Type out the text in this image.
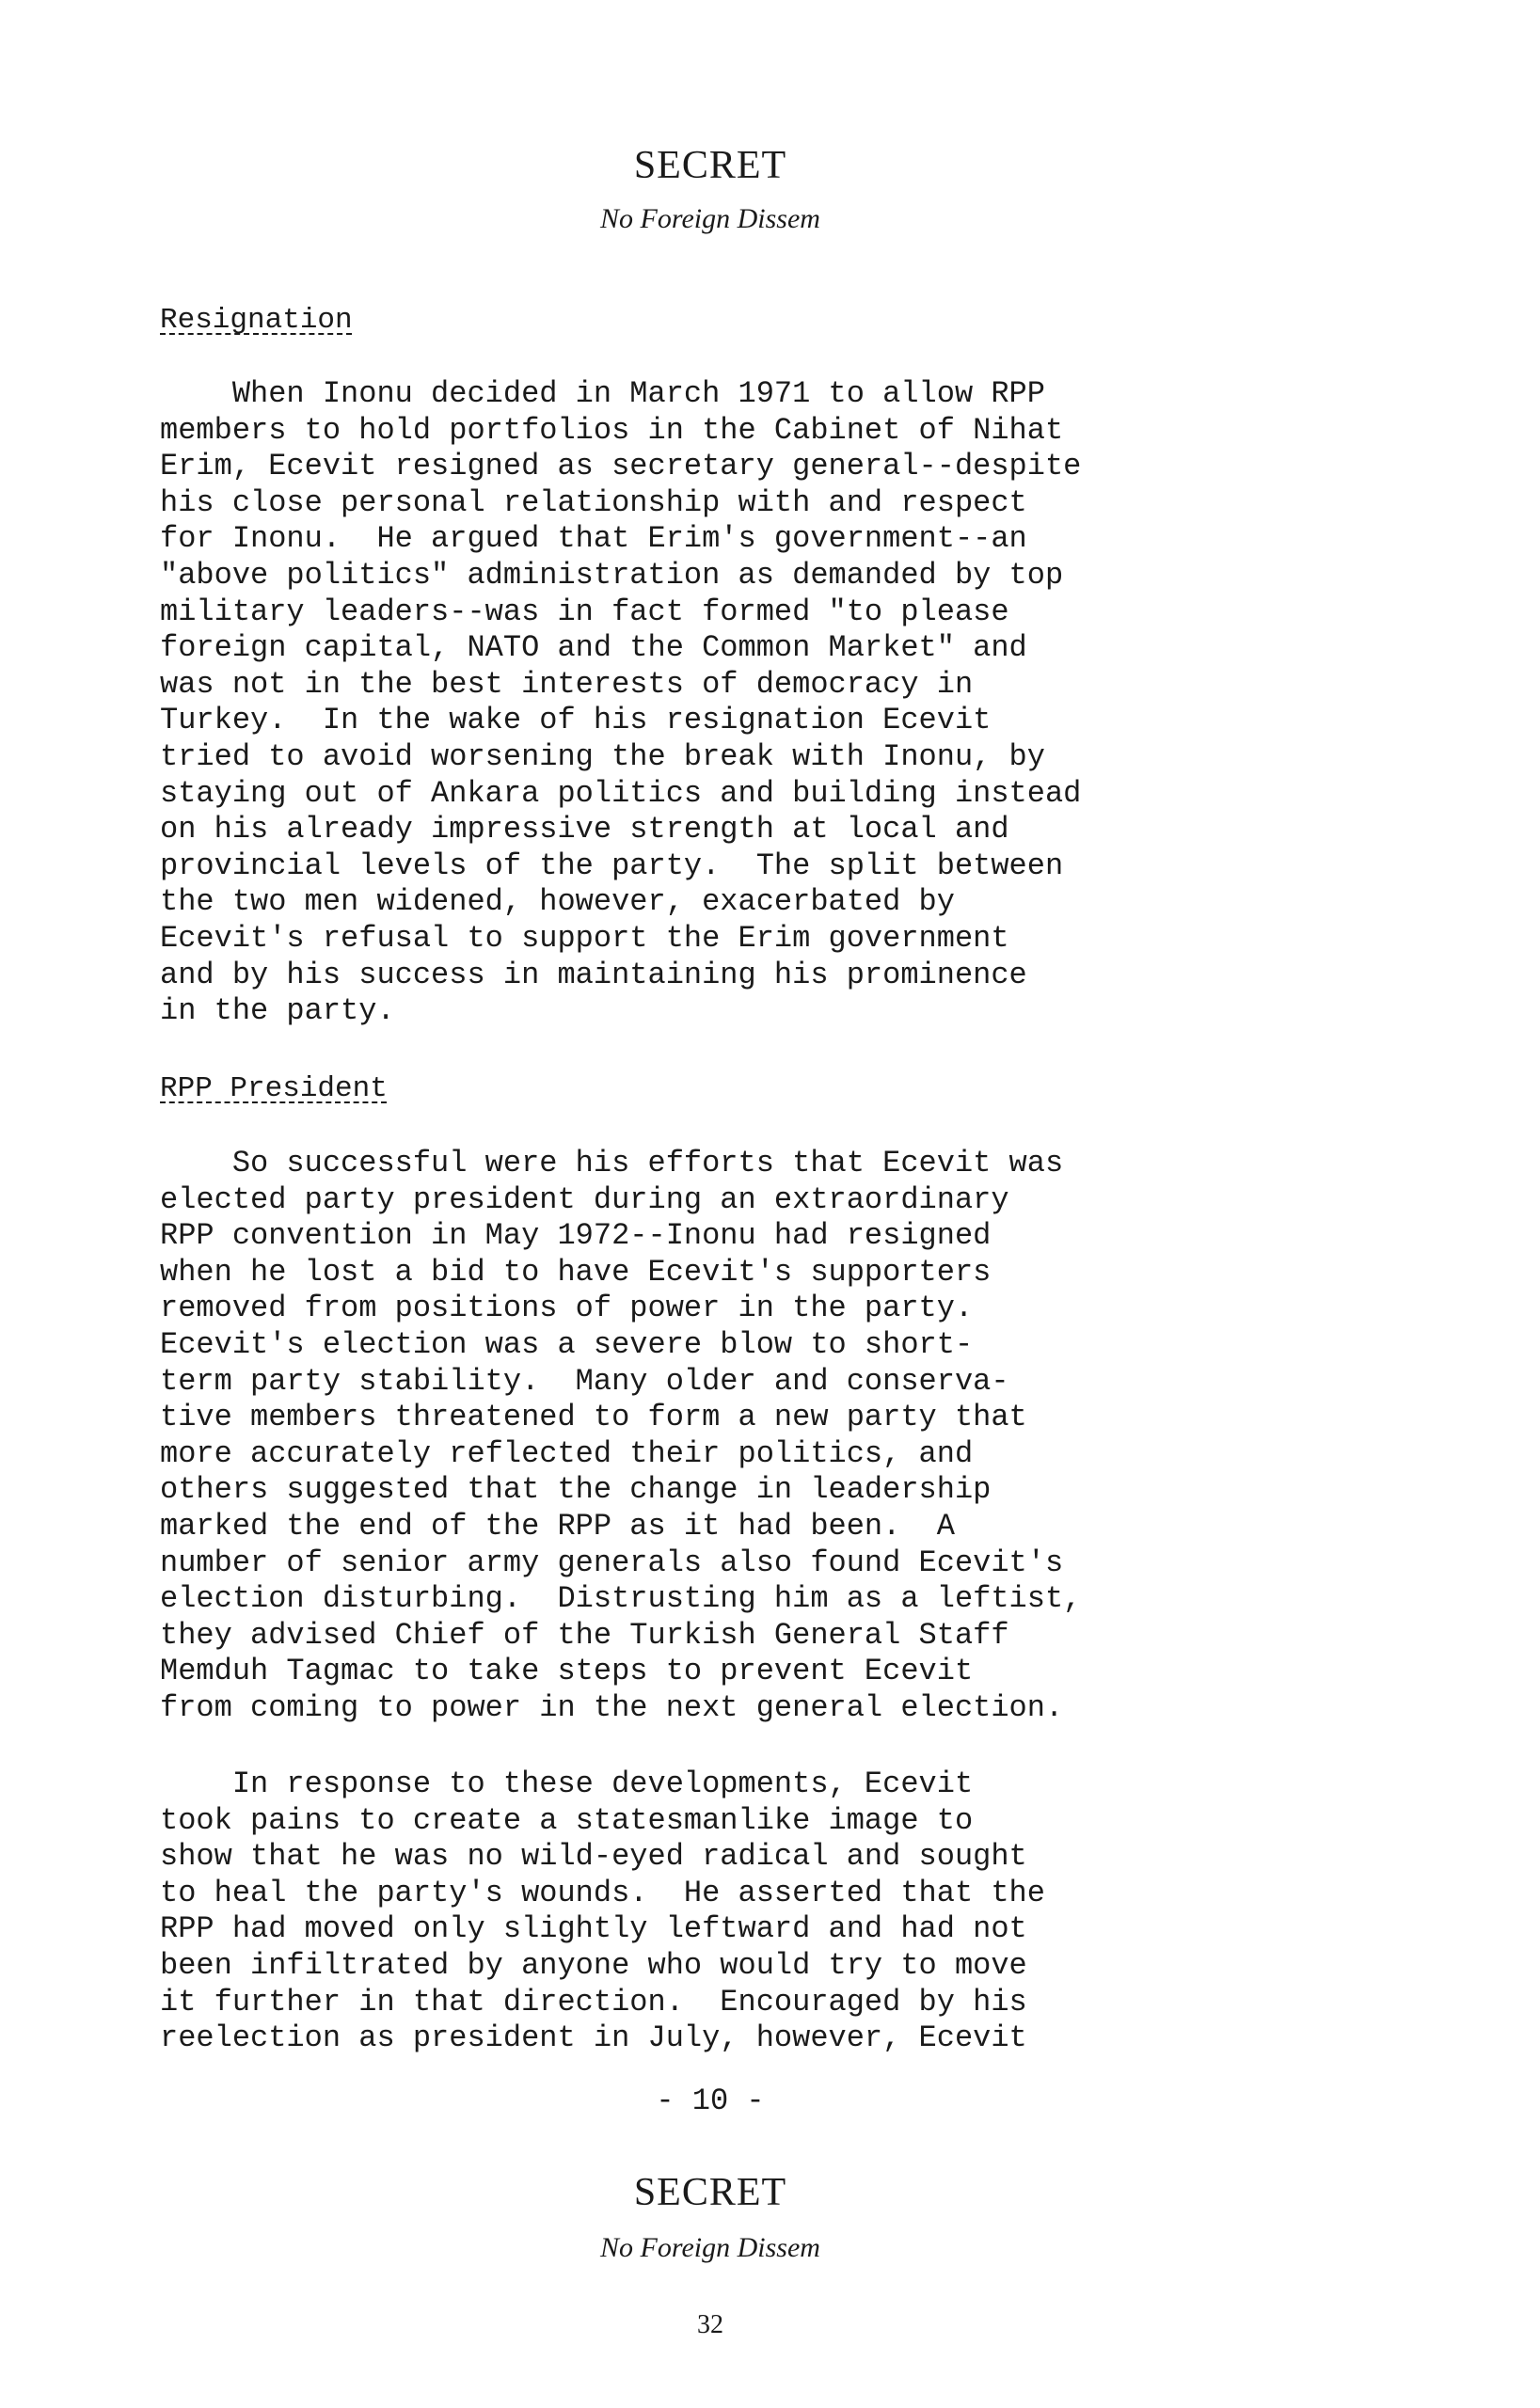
SECRET
No Foreign Dissem
Resignation

When Inonu decided in March 1971 to allow RPP
members to hold portfolios in the Cabinet of Nihat
Erim, Ecevit resigned as secretary general--despite
his close personal relationship with and respect
for Inonu.  He argued that Erim's government--an
"above politics" administration as demanded by top
military leaders--was in fact formed "to please
foreign capital, NATO and the Common Market" and
was not in the best interests of democracy in
Turkey.  In the wake of his resignation Ecevit
tried to avoid worsening the break with Inonu, by
staying out of Ankara politics and building instead
on his already impressive strength at local and
provincial levels of the party.  The split between
the two men widened, however, exacerbated by
Ecevit's refusal to support the Erim government
and by his success in maintaining his prominence
in the party.

RPP President

So successful were his efforts that Ecevit was
elected party president during an extraordinary
RPP convention in May 1972--Inonu had resigned
when he lost a bid to have Ecevit's supporters
removed from positions of power in the party.
Ecevit's election was a severe blow to short-
term party stability.  Many older and conserva-
tive members threatened to form a new party that
more accurately reflected their politics, and
others suggested that the change in leadership
marked the end of the RPP as it had been.  A
number of senior army generals also found Ecevit's
election disturbing.  Distrusting him as a leftist,
they advised Chief of the Turkish General Staff
Memduh Tagmac to take steps to prevent Ecevit
from coming to power in the next general election.

In response to these developments, Ecevit
took pains to create a statesmanlike image to
show that he was no wild-eyed radical and sought
to heal the party's wounds.  He asserted that the
RPP had moved only slightly leftward and had not
been infiltrated by anyone who would try to move
it further in that direction.  Encouraged by his
reelection as president in July, however, Ecevit

- 10 -
SECRET
No Foreign Dissem
32
